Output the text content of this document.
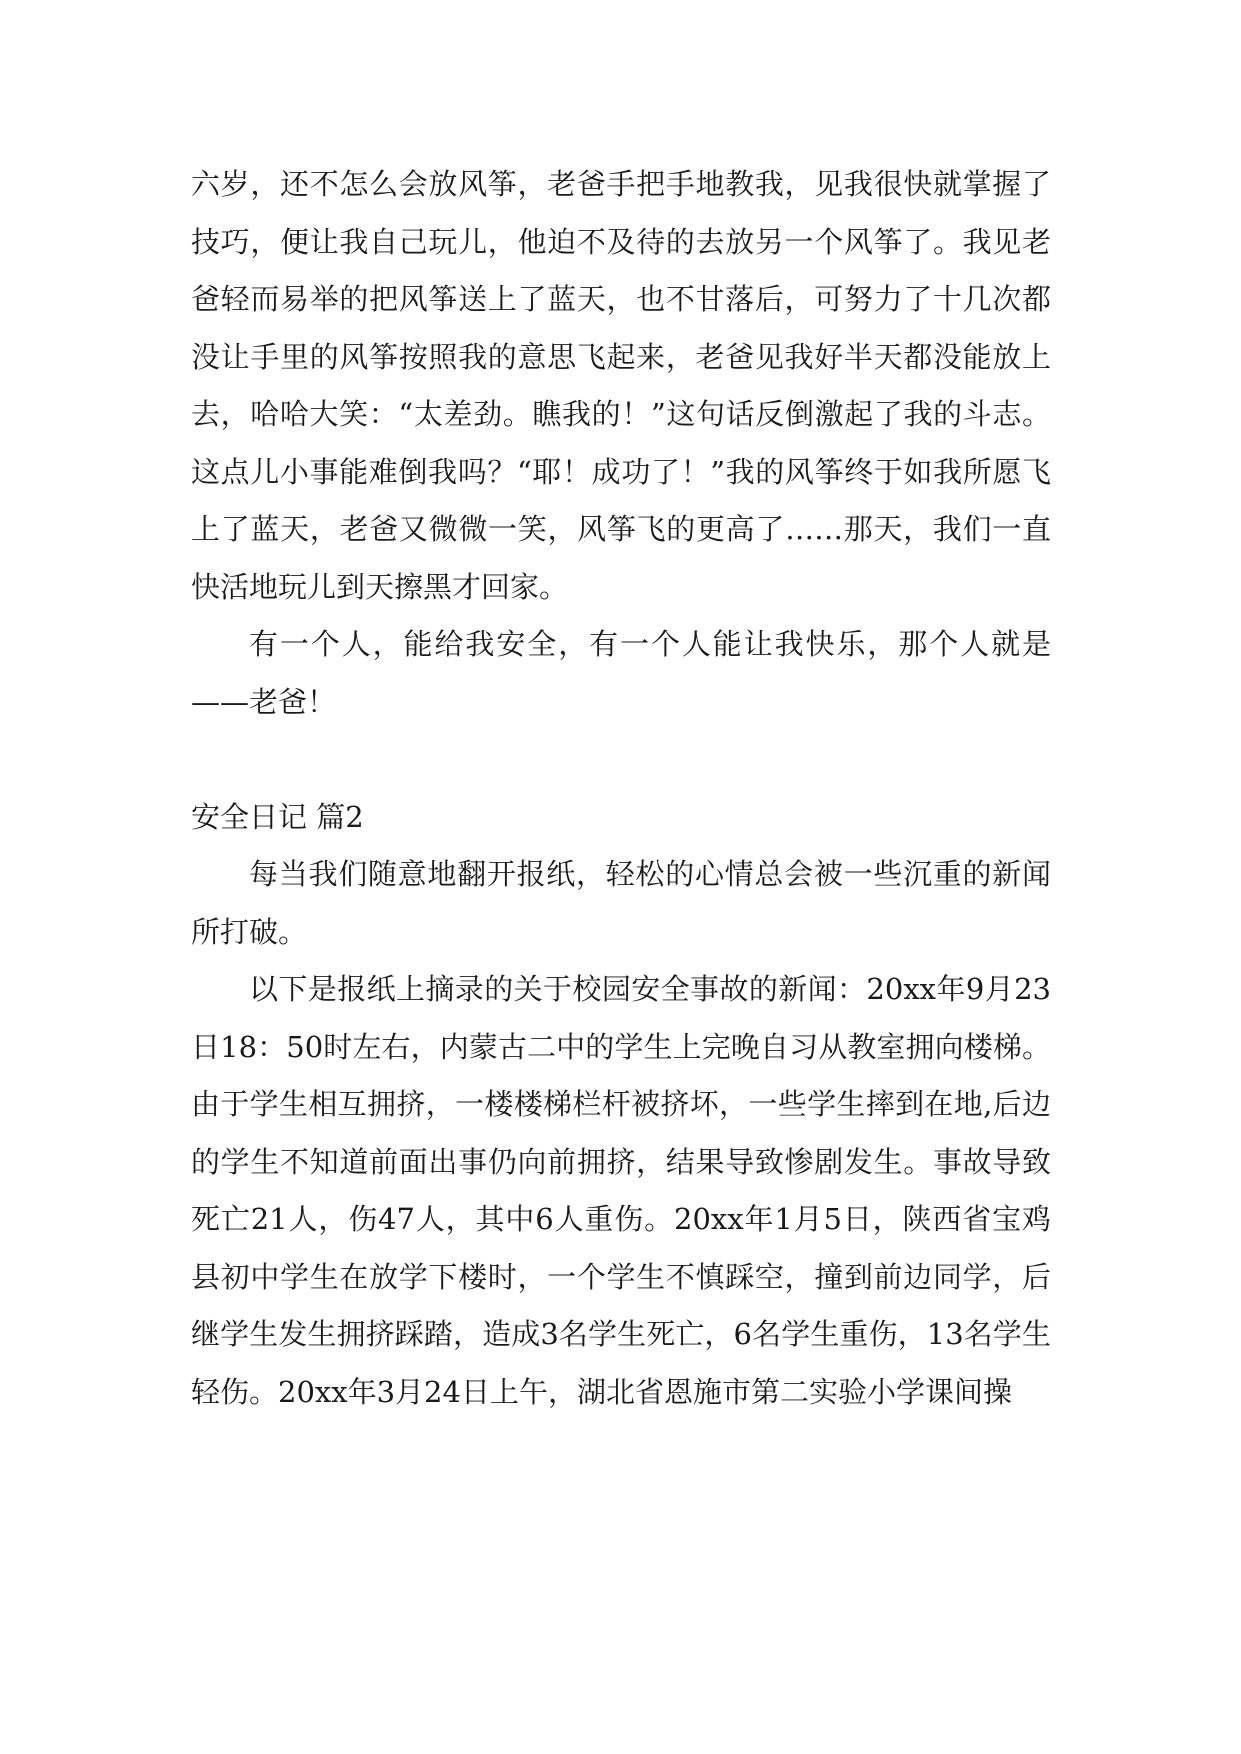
六岁，还不怎么会放风筝，老爸手把手地教我，见我很快就掌握了技巧，便让我自己玩儿，他迫不及待的去放另一个风筝了。我见老爸轻而易举的把风筝送上了蓝天，也不甘落后，可努力了十几次都没让手里的风筝按照我的意思飞起来，老爸见我好半天都没能放上去，哈哈大笑：“太差劲。瞧我的！”这句话反倒激起了我的斗志。这点儿小事能难倒我吗？“耶！成功了！”我的风筝终于如我所愿飞上了蓝天，老爸又微微一笑，风筝飞的更高了……那天，我们一直快活地玩儿到天擦黑才回家。

有一个人，能给我安全，有一个人能让我快乐，那个人就是——老爸！

安全日记 篇2

每当我们随意地翻开报纸，轻松的心情总会被一些沉重的新闻所打破。

以下是报纸上摘录的关于校园安全事故的新闻：20xx年9月23日18：50时左右，内蒙古二中的学生上完晚自习从教室拥向楼梯。由于学生相互拥挤，一楼楼梯栏杆被挤坏，一些学生摔到在地,后边的学生不知道前面出事仍向前拥挤，结果导致惨剧发生。事故导致死亡21人，伤47人，其中6人重伤。20xx年1月5日，陕西省宝鸡县初中学生在放学下楼时，一个学生不慎踩空，撞到前边同学，后继学生发生拥挤踩踏，造成3名学生死亡，6名学生重伤，13名学生轻伤。20xx年3月24日上午，湖北省恩施市第二实验小学课间操
